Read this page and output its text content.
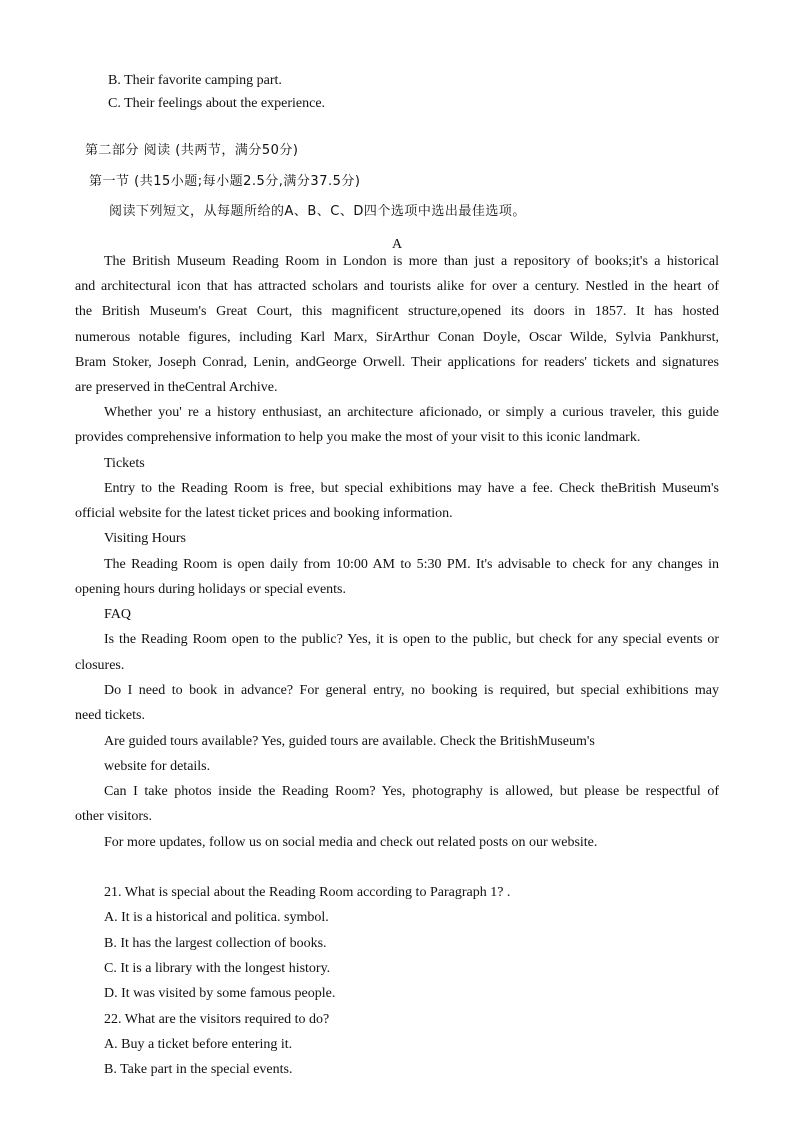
B. Their favorite camping part.
C. Their feelings about the experience.
第二部分 阅读 (共两节，满分50分)
第一节 (共15小题;每小题2.5分,满分37.5分)
阅读下列短文，从每题所给的A、B、C、D四个选项中选出最佳选项。
A
The British Museum Reading Room in London is more than just a repository of books;it's a historical
and architectural icon that has attracted scholars and tourists alike for over a century. Nestled in the heart of
the British Museum's Great Court, this magnificent structure,opened its doors in 1857. It has hosted
numerous notable figures, including Karl Marx, SirArthur Conan Doyle, Oscar Wilde, Sylvia Pankhurst,
Bram Stoker, Joseph Conrad, Lenin, andGeorge Orwell. Their applications for readers' tickets and signatures
are preserved in theCentral Archive.
Whether you' re a history enthusiast, an architecture aficionado, or simply a curious traveler, this guide
provides comprehensive information to help you make the most of your visit to this iconic landmark.
Tickets
Entry to the Reading Room is free, but special exhibitions may have a fee. Check theBritish Museum's
official website for the latest ticket prices and booking information.
Visiting Hours
The Reading Room is open daily from 10:00 AM to 5:30 PM. It's advisable to check for any changes in
opening hours during holidays or special events.
FAQ
Is the Reading Room open to the public? Yes, it is open to the public, but check for any special events or
closures.
Do I need to book in advance? For general entry, no booking is required, but special exhibitions may
need tickets.
Are guided tours available? Yes, guided tours are available. Check the BritishMuseum's
website for details.
Can I take photos inside the Reading Room? Yes, photography is allowed, but please be respectful of
other visitors.
For more updates, follow us on social media and check out related posts on our website.
21. What is special about the Reading Room according to Paragraph 1? .
A. It is a historical and politica. symbol.
B. It has the largest collection of books.
C. It is a library with the longest history.
D. It was visited by some famous people.
22. What are the visitors required to do?
A. Buy a ticket before entering it.
B. Take part in the special events.
